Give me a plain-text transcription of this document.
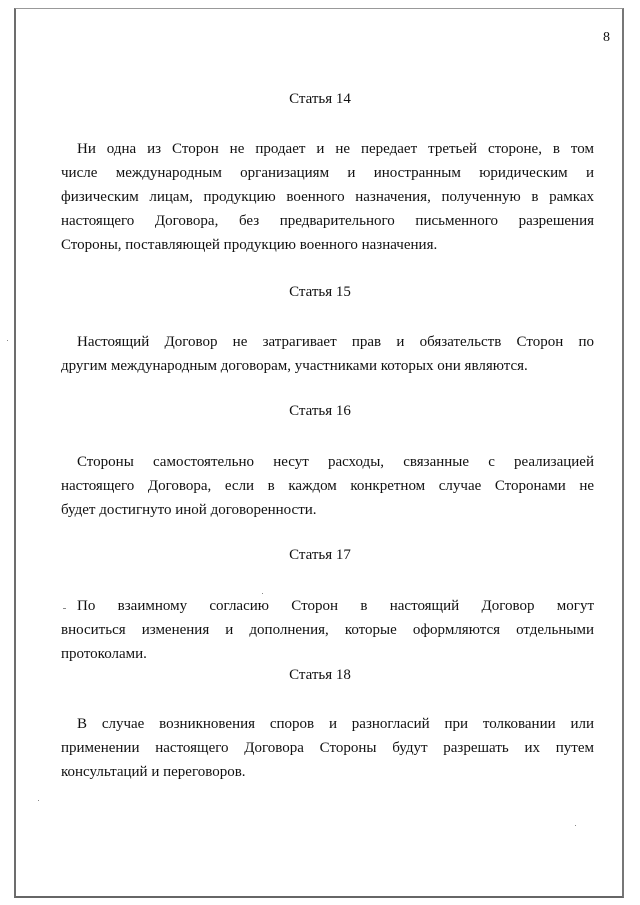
8
Статья 14
Ни одна из Сторон не продает и не передает третьей стороне, в том
числе международным организациям и иностранным юридическим и
физическим лицам, продукцию военного назначения, полученную в рамках
настоящего Договора, без предварительного письменного разрешения
Стороны, поставляющей продукцию военного назначения.
Статья 15
Настоящий Договор не затрагивает прав и обязательств Сторон по
другим международным договорам, участниками которых они являются.
Статья 16
Стороны самостоятельно несут расходы, связанные с реализацией
настоящего Договора, если в каждом конкретном случае Сторонами не
будет достигнуто иной договоренности.
Статья 17
По взаимному согласию Сторон в настоящий Договор могут
вноситься изменения и дополнения, которые оформляются отдельными
протоколами.
Статья 18
В случае возникновения споров и разногласий при толковании или
применении настоящего Договора Стороны будут разрешать их путем
консультаций и переговоров.
